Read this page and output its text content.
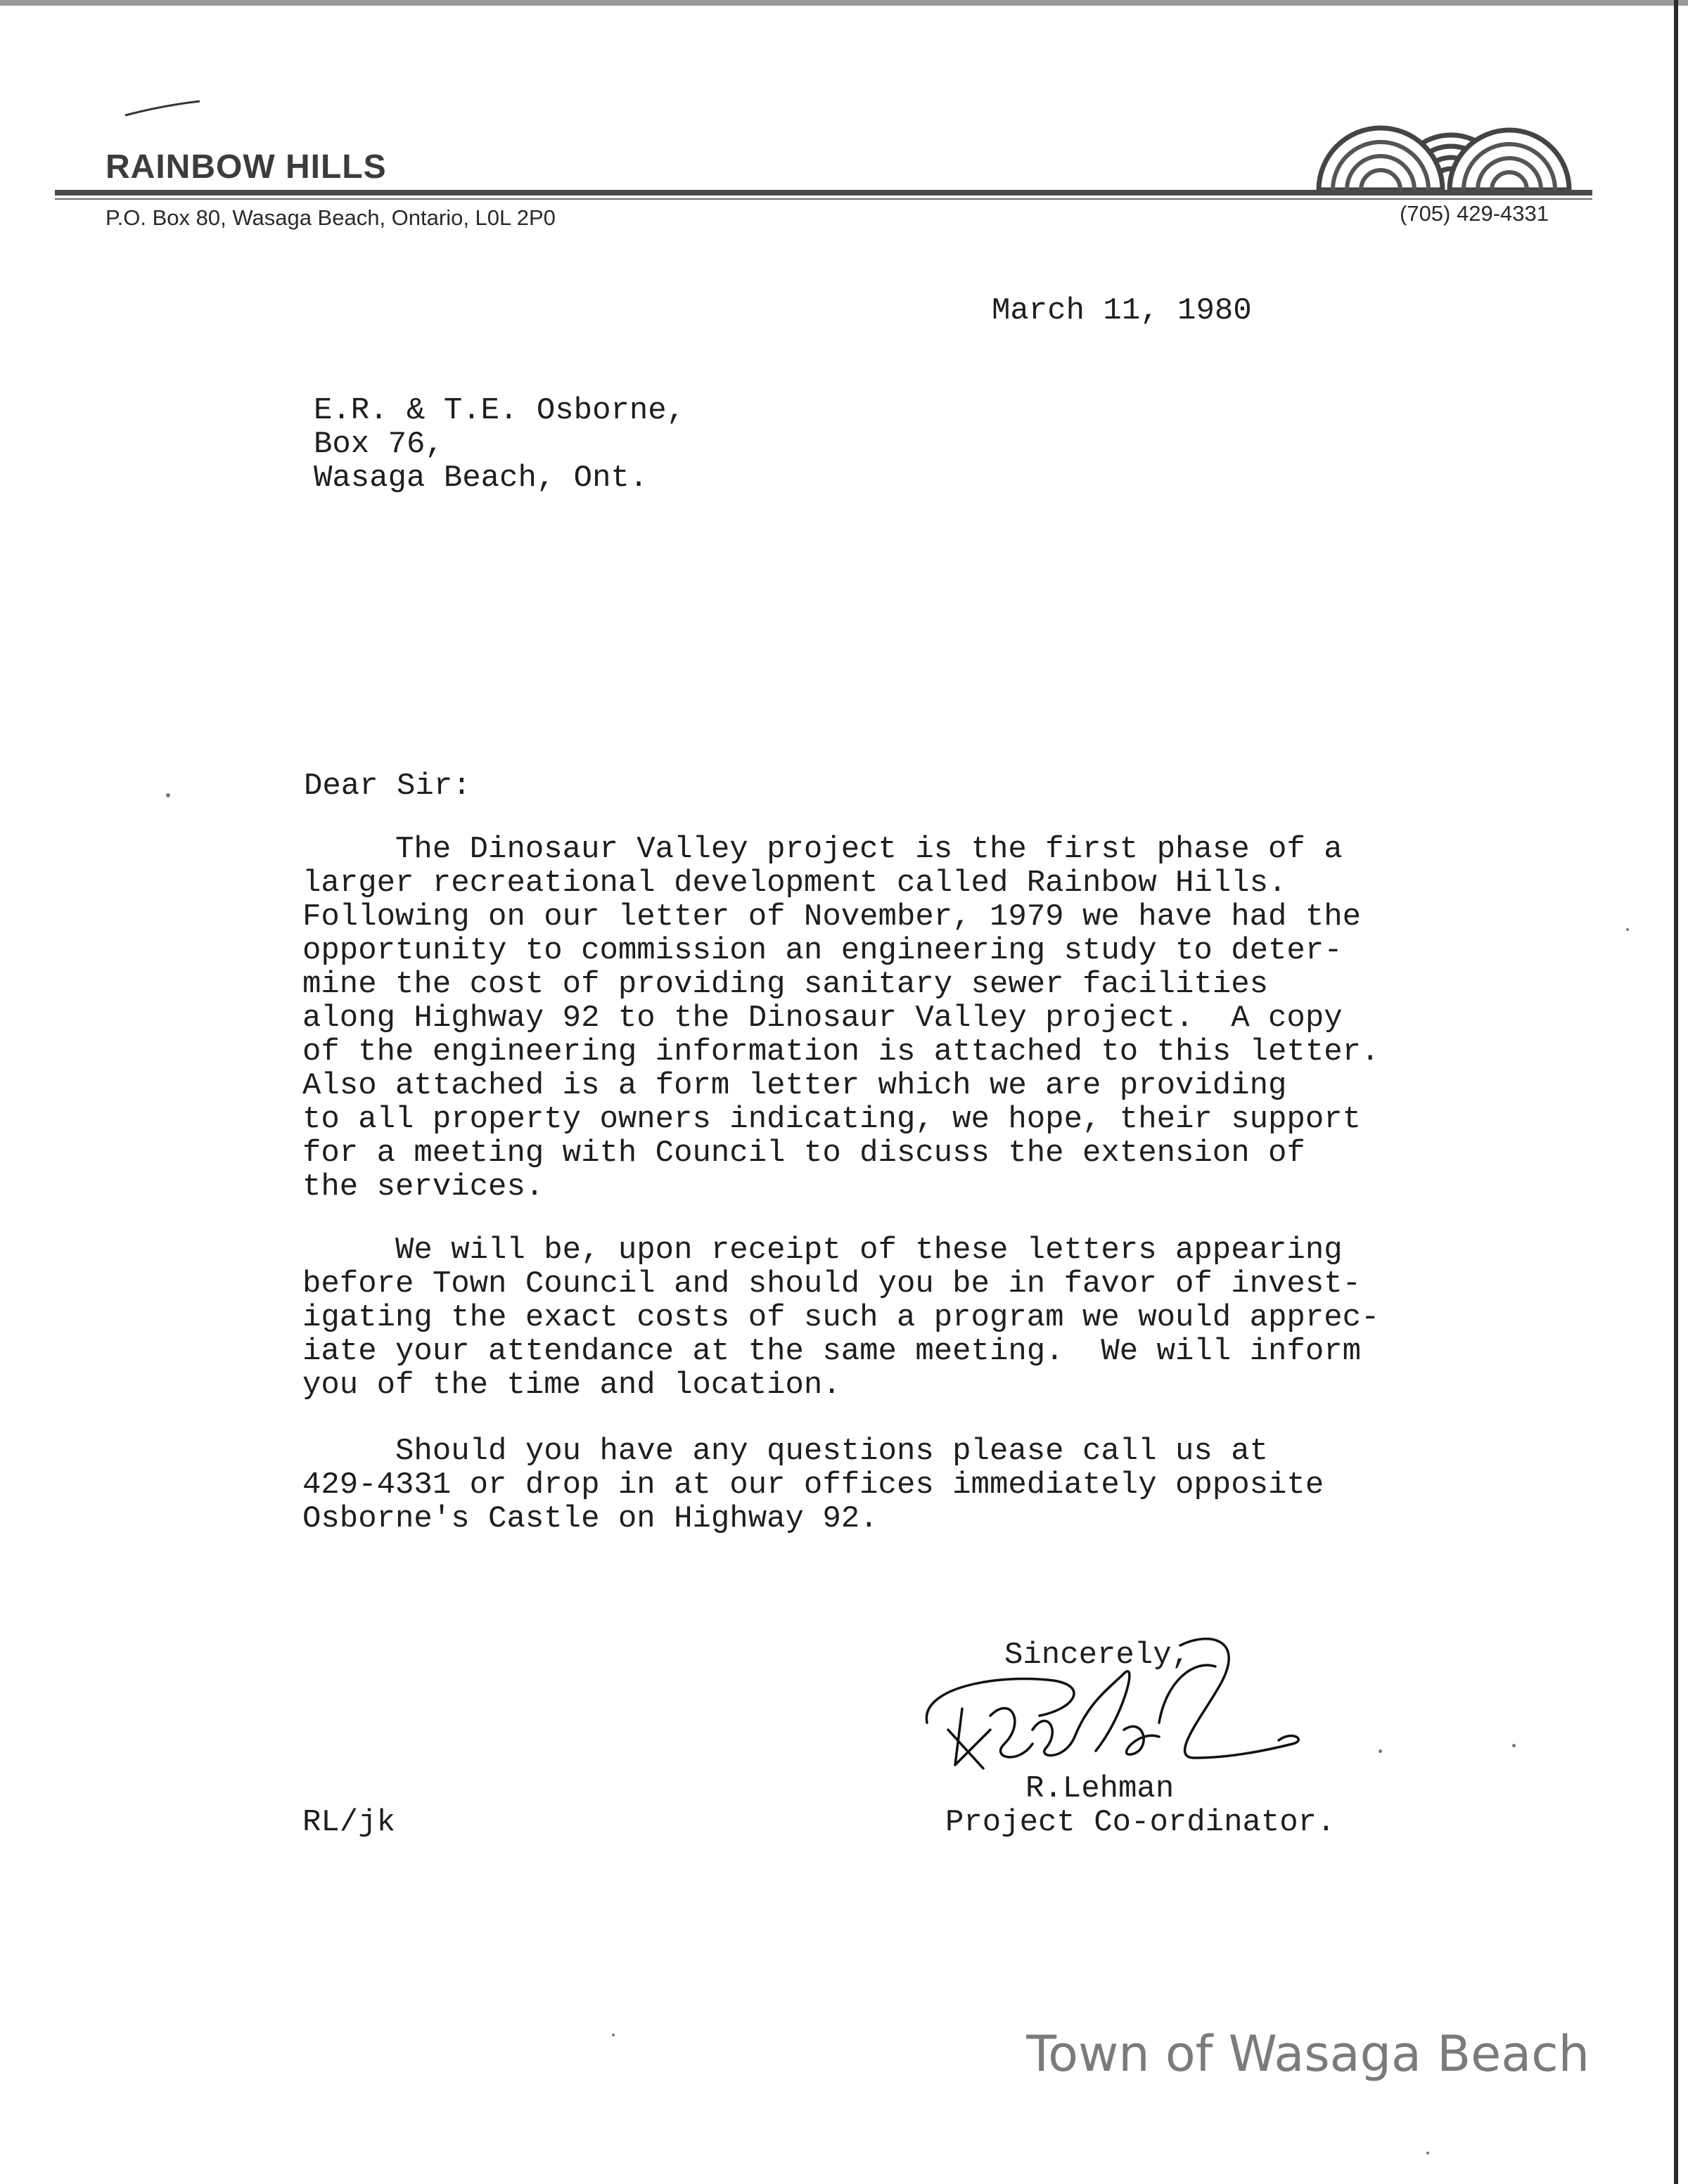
RAINBOW HILLS
P.O. Box 80, Wasaga Beach, Ontario, L0L 2P0	(705) 429-4331
March 11, 1980
E.R. & T.E. Osborne,
Box 76,
Wasaga Beach, Ont.
Dear Sir:
The Dinosaur Valley project is the first phase of a
larger recreational development called Rainbow Hills.
Following on our letter of November, 1979 we have had the
opportunity to commission an engineering study to deter-
mine the cost of providing sanitary sewer facilities
along Highway 92 to the Dinosaur Valley project.  A copy
of the engineering information is attached to this letter.
Also attached is a form letter which we are providing
to all property owners indicating, we hope, their support
for a meeting with Council to discuss the extension of
the services.
We will be, upon receipt of these letters appearing
before Town Council and should you be in favor of invest-
igating the exact costs of such a program we would apprec-
iate your attendance at the same meeting.  We will inform
you of the time and location.
Should you have any questions please call us at
429-4331 or drop in at our offices immediately opposite
Osborne's Castle on Highway 92.
Sincerely,
R.Lehman
Project Co-ordinator.
RL/jk
Town of Wasaga Beach
